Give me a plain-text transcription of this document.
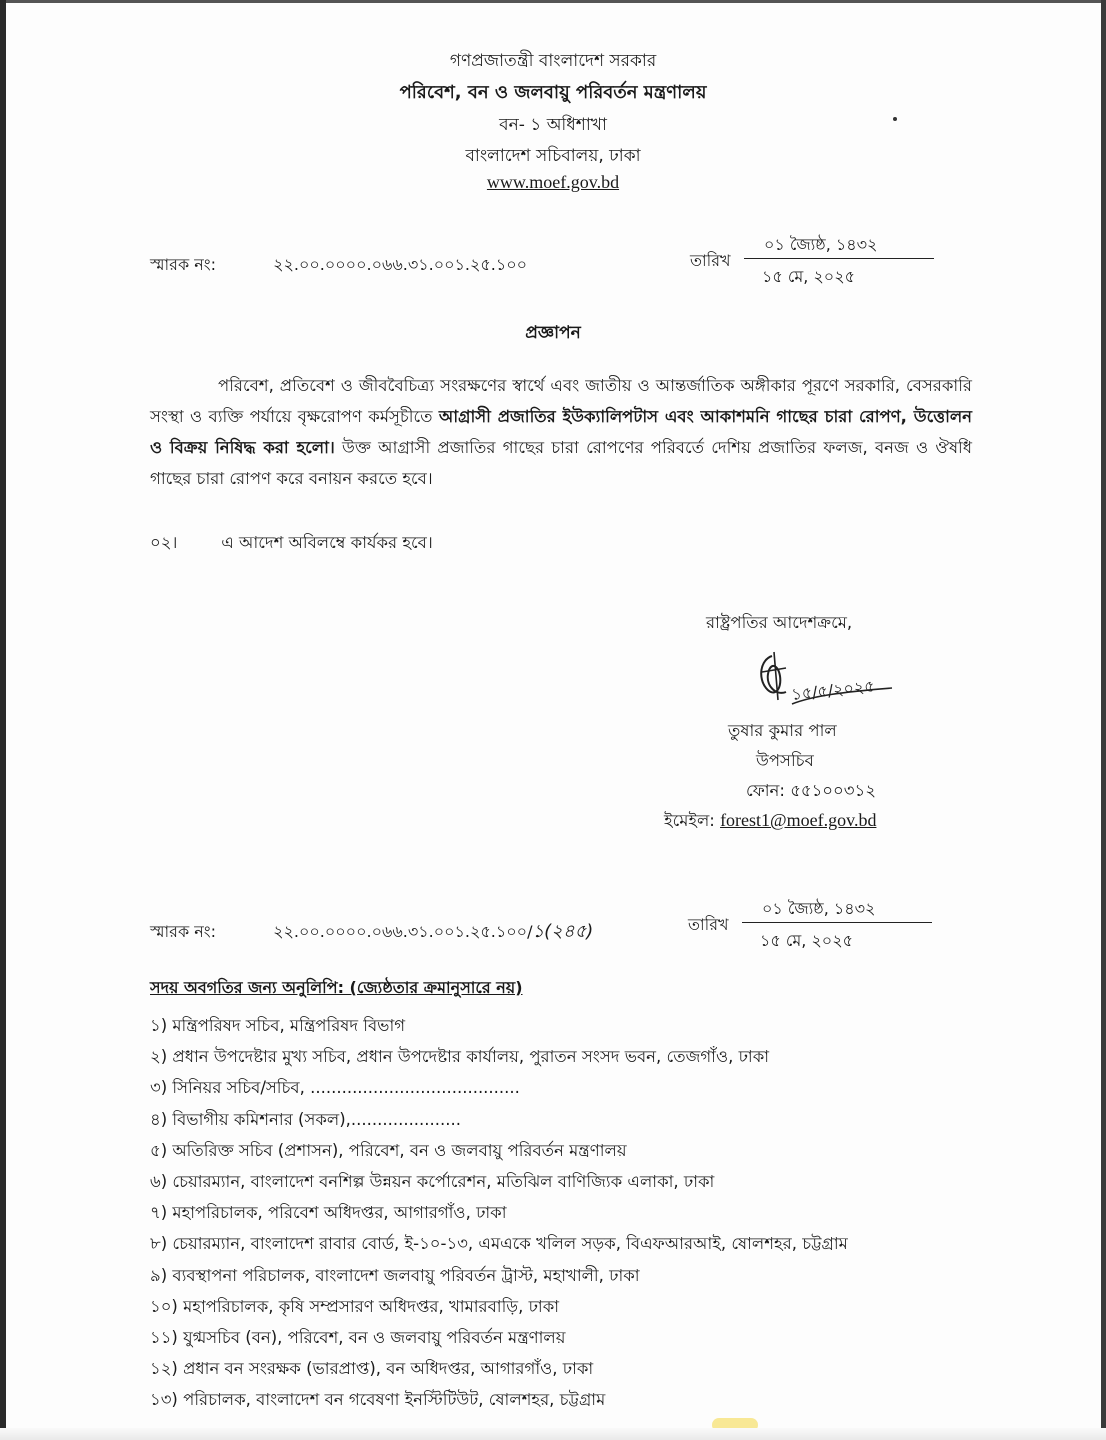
গণপ্রজাতন্ত্রী বাংলাদেশ সরকার
পরিবেশ, বন ও জলবায়ু পরিবর্তন মন্ত্রণালয়
বন- ১ অধিশাখা
বাংলাদেশ সচিবালয়, ঢাকা
www.moef.gov.bd
স্মারক নং:	২২.০০.০০০০.০৬৬.৩১.০০১.২৫.১০০	তারিখ
০১ জ্যৈষ্ঠ, ১৪৩২
১৫ মে, ২০২৫
প্রজ্ঞাপন
পরিবেশ, প্রতিবেশ ও জীববৈচিত্র্য সংরক্ষণের স্বার্থে এবং জাতীয় ও আন্তর্জাতিক অঙ্গীকার পূরণে সরকারি, বেসরকারি সংস্থা ও ব্যক্তি পর্যায়ে বৃক্ষরোপণ কর্মসূচীতে আগ্রাসী প্রজাতির ইউক্যালিপটাস এবং আকাশমনি গাছের চারা রোপণ, উত্তোলন ও বিক্রয় নিষিদ্ধ করা হলো। উক্ত আগ্রাসী প্রজাতির গাছের চারা রোপণের পরিবর্তে দেশিয় প্রজাতির ফলজ, বনজ ও ঔষধি গাছের চারা রোপণ করে বনায়ন করতে হবে।
০২।	এ আদেশ অবিলম্বে কার্যকর হবে।
রাষ্ট্রপতির আদেশক্রমে,
১৫/৫/২০২৫
তুষার কুমার পাল
উপসচিব
ফোন: ৫৫১০০৩১২
ইমেইল: forest1@moef.gov.bd
স্মারক নং:	২২.০০.০০০০.০৬৬.৩১.০০১.২৫.১০০/১(২৪৫)	তারিখ
০১ জ্যৈষ্ঠ, ১৪৩২
১৫ মে, ২০২৫
সদয় অবগতির জন্য অনুলিপি: (জ্যেষ্ঠতার ক্রমানুসারে নয়)
১) মন্ত্রিপরিষদ সচিব, মন্ত্রিপরিষদ বিভাগ
২) প্রধান উপদেষ্টার মুখ্য সচিব, প্রধান উপদেষ্টার কার্যালয়, পুরাতন সংসদ ভবন, তেজগাঁও, ঢাকা
৩) সিনিয়র সচিব/সচিব, ........................................
৪) বিভাগীয় কমিশনার (সকল),.....................
৫) অতিরিক্ত সচিব (প্রশাসন), পরিবেশ, বন ও জলবায়ু পরিবর্তন মন্ত্রণালয়
৬) চেয়ারম্যান, বাংলাদেশ বনশিল্প উন্নয়ন কর্পোরেশন, মতিঝিল বাণিজ্যিক এলাকা, ঢাকা
৭) মহাপরিচালক, পরিবেশ অধিদপ্তর, আগারগাঁও, ঢাকা
৮) চেয়ারম্যান, বাংলাদেশ রাবার বোর্ড, ই-১০-১৩, এমএকে খলিল সড়ক, বিএফআরআই, ষোলশহর, চট্টগ্রাম
৯) ব্যবস্থাপনা পরিচালক, বাংলাদেশ জলবায়ু পরিবর্তন ট্রাস্ট, মহাখালী, ঢাকা
১০) মহাপরিচালক, কৃষি সম্প্রসারণ অধিদপ্তর, খামারবাড়ি, ঢাকা
১১) যুগ্মসচিব (বন), পরিবেশ, বন ও জলবায়ু পরিবর্তন মন্ত্রণালয়
১২) প্রধান বন সংরক্ষক (ভারপ্রাপ্ত), বন অধিদপ্তর, আগারগাঁও, ঢাকা
১৩) পরিচালক, বাংলাদেশ বন গবেষণা ইনস্টিটিউট, ষোলশহর, চট্টগ্রাম
